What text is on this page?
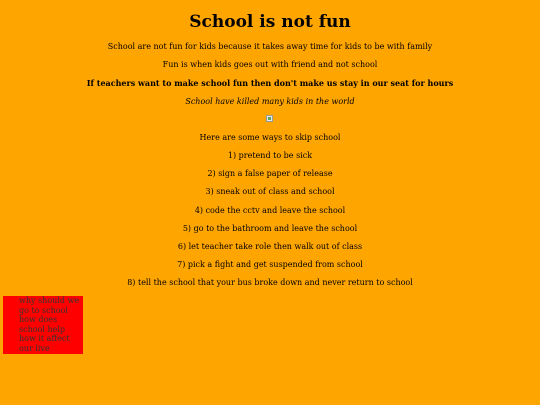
School is not fun
School are not fun for kids because it takes away time for kids to be with family
Fun is when kids goes out with friend and not school
If teachers want to make school fun then don't make us stay in our seat for hours
School have killed many kids in the world
Here are some ways to skip school
1) pretend to be sick
2) sign a false paper of release
3) sneak out of class and school
4) code the cctv and leave the school
5) go to the bathroom and leave the school
6) let teacher take role then walk out of class
7) pick a fight and get suspended from school
8) tell the school that your bus broke down and never return to school
why should we go to school
how does school help
how it affect our live
